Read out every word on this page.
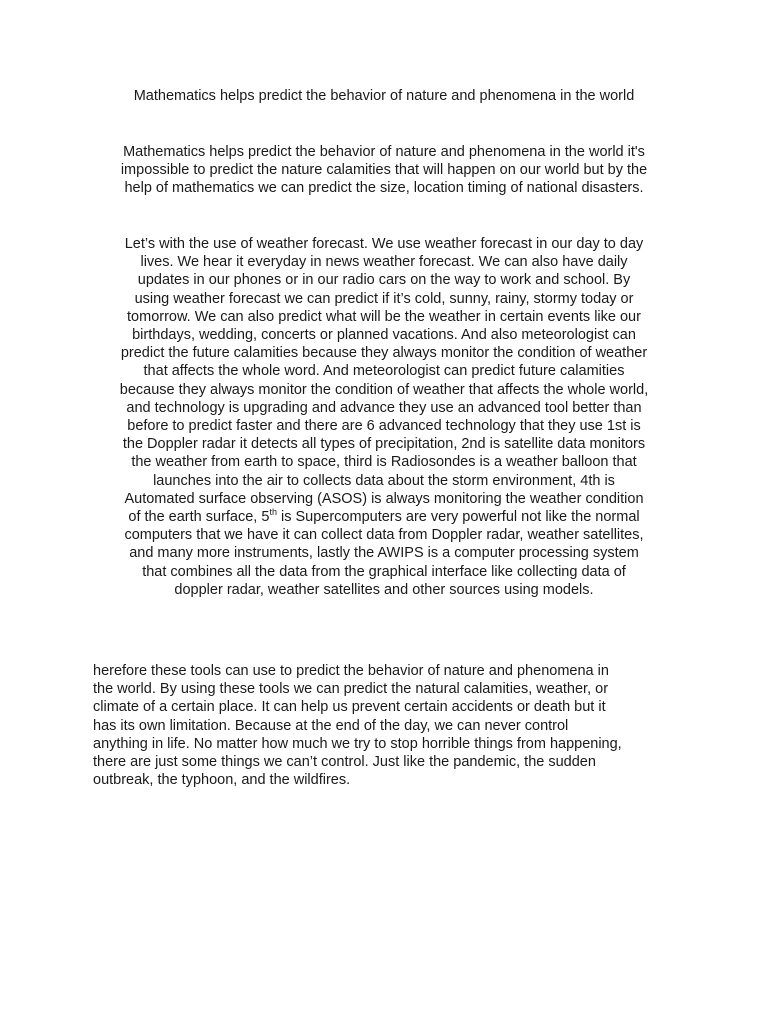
Mathematics helps predict the behavior of nature and phenomena in the world
Mathematics helps predict the behavior of nature and phenomena in the world it's
impossible to predict the nature calamities that will happen on our world but by the
help of mathematics we can predict the size, location timing of national disasters.
Let’s with the use of weather forecast. We use weather forecast in our day to day
lives. We hear it everyday in news weather forecast. We can also have daily
updates in our phones or in our radio cars on the way to work and school. By
using weather forecast we can predict if it’s cold, sunny, rainy, stormy today or
tomorrow. We can also predict what will be the weather in certain events like our
birthdays, wedding, concerts or planned vacations. And also meteorologist can
predict the future calamities because they always monitor the condition of weather
that affects the whole word. And meteorologist can predict future calamities
because they always monitor the condition of weather that affects the whole world,
and technology is upgrading and advance they use an advanced tool better than
before to predict faster and there are 6 advanced technology that they use 1st is
the Doppler radar it detects all types of precipitation, 2nd is satellite data monitors
the weather from earth to space, third is Radiosondes is a weather balloon that
launches into the air to collects data about the storm environment, 4th is
Automated surface observing (ASOS) is always monitoring the weather condition
of the earth surface, 5th is Supercomputers are very powerful not like the normal
computers that we have it can collect data from Doppler radar, weather satellites,
and many more instruments, lastly the AWIPS is a computer processing system
that combines all the data from the graphical interface like collecting data of
doppler radar, weather satellites and other sources using models.
herefore these tools can use to predict the behavior of nature and phenomena in
the world. By using these tools we can predict the natural calamities, weather, or
climate of a certain place. It can help us prevent certain accidents or death but it
has its own limitation. Because at the end of the day, we can never control
anything in life. No matter how much we try to stop horrible things from happening,
there are just some things we can’t control. Just like the pandemic, the sudden
outbreak, the typhoon, and the wildfires.
